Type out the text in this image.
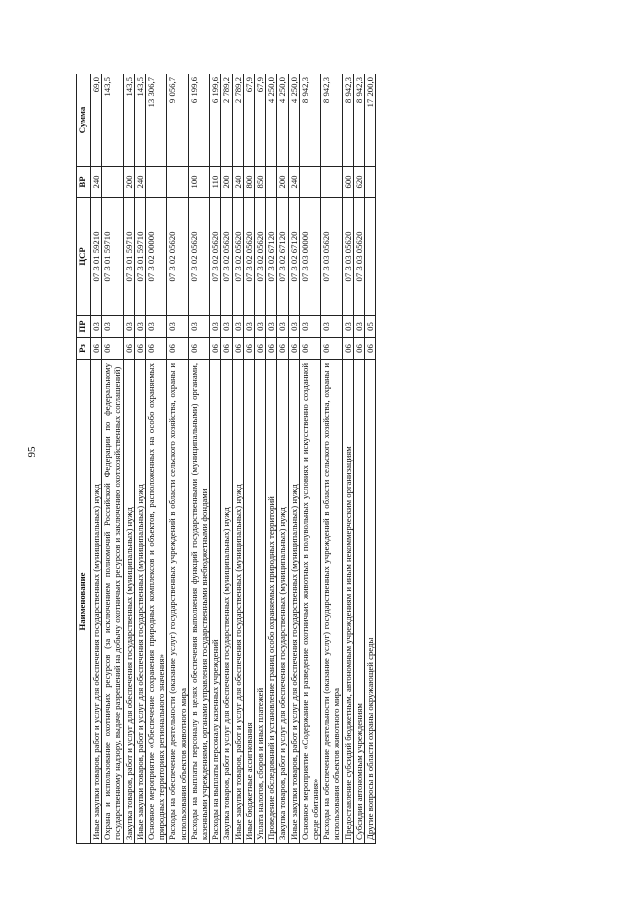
95
Наименование	Рз	ПР	ЦСР	ВР	Сумма
Иные закупки товаров, работ и услуг для обеспечения государственных (муниципальных) нужд	06	03	07 3 01 59210	240	69,0
Охрана и использование охотничьих ресурсов (за исключением полномочий Российской Федерации по федеральному государственному надзору, выдаче разрешений на добычу охотничьих ресурсов и заключению охотхозяйственных соглашений)	06	03	07 3 01 59710		143,5
Закупка товаров, работ и услуг для обеспечения государственных (муниципальных) нужд	06	03	07 3 01 59710	200	143,5
Иные закупки товаров, работ и услуг для обеспечения государственных (муниципальных) нужд	06	03	07 3 01 59710	240	143,5
Основное мероприятие «Обеспечение сохранения природных комплексов и объектов, расположенных на особо охраняемых природных территориях регионального значения»	06	03	07 3 02 00000		13 306,7
Расходы на обеспечение деятельности (оказание услуг) государственных учреждений в области сельского хозяйства, охраны и использования объектов животного мира	06	03	07 3 02 05620		9 056,7
Расходы на выплаты персоналу в целях обеспечения выполнения функций государственными (муниципальными) органами, казенными учреждениями, органами управления государственными внебюджетными фондами	06	03	07 3 02 05620	100	6 199,6
Расходы на выплаты персоналу казенных учреждений	06	03	07 3 02 05620	110	6 199,6
Закупка товаров, работ и услуг для обеспечения государственных (муниципальных) нужд	06	03	07 3 02 05620	200	2 789,2
Иные закупки товаров, работ и услуг для обеспечения государственных (муниципальных) нужд	06	03	07 3 02 05620	240	2 789,2
Иные бюджетные ассигнования	06	03	07 3 02 05620	800	67,9
Уплата налогов, сборов и иных платежей	06	03	07 3 02 05620	850	67,9
Проведение обследований и установление границ особо охраняемых природных территорий	06	03	07 3 02 67120		4 250,0
Закупка товаров, работ и услуг для обеспечения государственных (муниципальных) нужд	06	03	07 3 02 67120	200	4 250,0
Иные закупки товаров, работ и услуг для обеспечения государственных (муниципальных) нужд	06	03	07 3 02 67120	240	4 250,0
Основное мероприятие «Содержание и разведение охотничьих животных в полувольных условиях и искусственно созданной среде обитания»	06	03	07 3 03 00000		8 942,3
Расходы на обеспечение деятельности (оказание услуг) государственных учреждений в области сельского хозяйства, охраны и использования объектов животного мира	06	03	07 3 03 05620		8 942,3
Предоставление субсидий бюджетным, автономным учреждениям и иным некоммерческим организациям	06	03	07 3 03 05620	600	8 942,3
Субсидии автономным учреждениям	06	03	07 3 03 05620	620	8 942,3
Другие вопросы в области охраны окружающей среды	06	05			17 200,0
